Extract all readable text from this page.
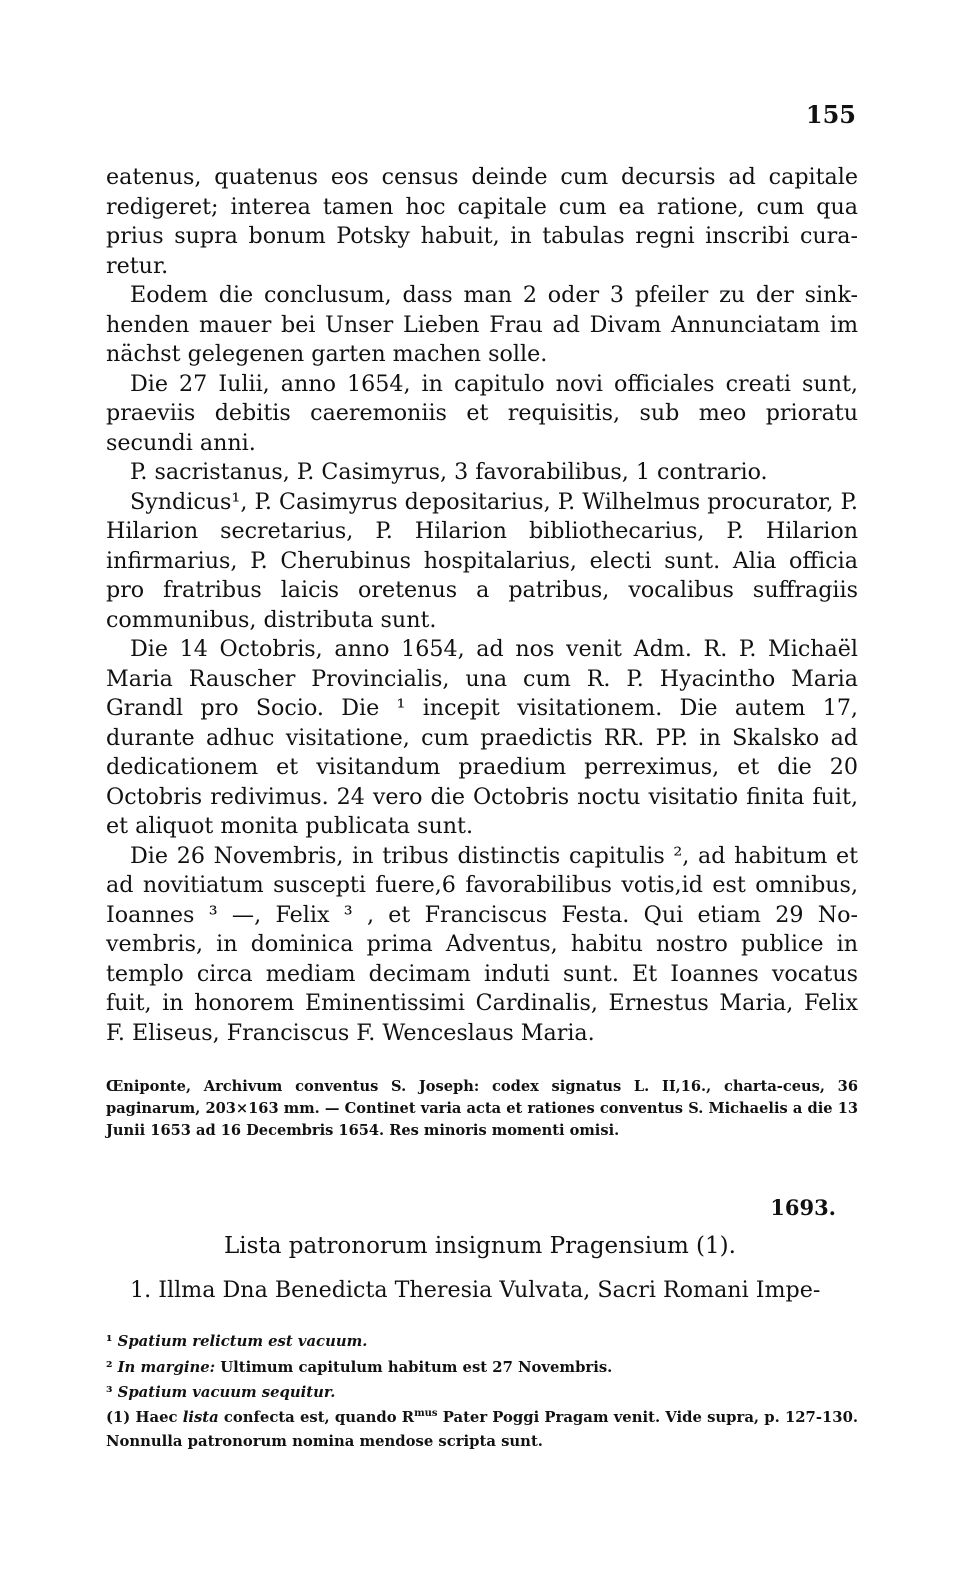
155

eatenus, quatenus eos census deinde cum decursis ad capitale redigeret; interea tamen hoc capitale cum ea ratione, cum qua prius supra bonum Potsky habuit, in tabulas regni inscribi cura-retur.

Eodem die conclusum, dass man 2 oder 3 pfeiler zu der sink-henden mauer bei Unser Lieben Frau ad Divam Annunciatam im nächst gelegenen garten machen solle.

Die 27 Iulii, anno 1654, in capitulo novi officiales creati sunt, praeviis debitis caeremoniis et requisitis, sub meo prioratu secundi anni.

P. sacristanus, P. Casimyrus, 3 favorabilibus, 1 contrario.

Syndicus¹, P. Casimyrus depositarius, P. Wilhelmus procurator, P. Hilarion secretarius, P. Hilarion bibliothecarius, P. Hilarion infirmarius, P. Cherubinus hospitalarius, electi sunt. Alia officia pro fratribus laicis oretenus a patribus, vocalibus suffragiis communibus, distributa sunt.

Die 14 Octobris, anno 1654, ad nos venit Adm. R. P. Michaël Maria Rauscher Provincialis, una cum R. P. Hyacintho Maria Grandl pro Socio. Die ¹ incepit visitationem. Die autem 17, durante adhuc visitatione, cum praedictis RR. PP. in Skalsko ad dedicationem et visitandum praedium perreximus, et die 20 Octobris redivimus. 24 vero die Octobris noctu visitatio finita fuit, et aliquot monita publicata sunt.

Die 26 Novembris, in tribus distinctis capitulis ², ad habitum et ad novitiatum suscepti fuere,6 favorabilibus votis,id est omnibus, Ioannes ³ —, Felix ³ , et Franciscus Festa. Qui etiam 29 No-vembris, in dominica prima Adventus, habitu nostro publice in templo circa mediam decimam induti sunt. Et Ioannes vocatus fuit, in honorem Eminentissimi Cardinalis, Ernestus Maria, Felix F. Eliseus, Franciscus F. Wenceslaus Maria.

Œniponte, Archivum conventus S. Joseph: codex signatus L. II,16., charta-ceus, 36 paginarum, 203×163 mm. — Continet varia acta et rationes conventus S. Michaelis a die 13 Junii 1653 ad 16 Decembris 1654. Res minoris momenti omisi.
1693.
Lista patronorum insignum Pragensium (1).
1. Illma Dna Benedicta Theresia Vulvata, Sacri Romani Impe-
¹ Spatium relictum est vacuum.
² In margine: Ultimum capitulum habitum est 27 Novembris.
³ Spatium vacuum sequitur.
(1) Haec lista confecta est, quando $R^{mus}$ Pater Poggi Pragam venit. Vide supra, p. 127-130. Nonnulla patronorum nomina mendose scripta sunt.
